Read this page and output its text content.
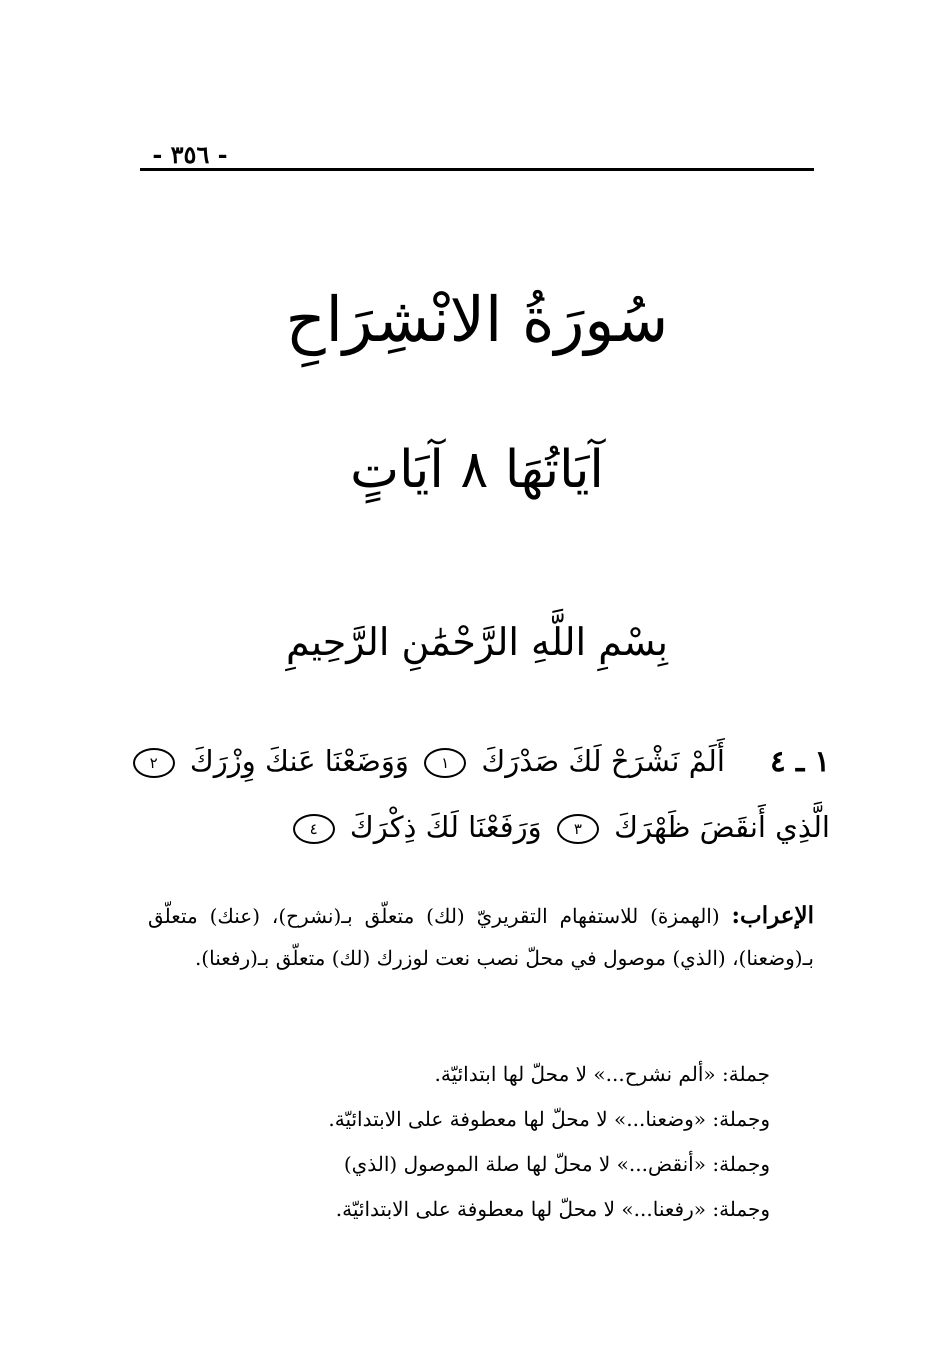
- ٣٥٦ -
سُورَةُ الانْشِرَاحِ
آيَاتُهَا ٨ آيَاتٍ
بِسْمِ اللَّهِ الرَّحْمَٰنِ الرَّحِيمِ
١ ـ ٤ أَلَمْ نَشْرَحْ لَكَ صَدْرَكَ ١ وَوَضَعْنَا عَنكَ وِزْرَكَ ٢
الَّذِي أَنقَضَ ظَهْرَكَ ٣ وَرَفَعْنَا لَكَ ذِكْرَكَ ٤
الإعراب: (الهمزة) للاستفهام التقريريّ (لك) متعلّق بـ(نشرح)، (عنك) متعلّق بـ(وضعنا)، (الذي) موصول في محلّ نصب نعت لوزرك (لك) متعلّق بـ(رفعنا).
جملة: «ألم نشرح...» لا محلّ لها ابتدائيّة.
وجملة: «وضعنا...» لا محلّ لها معطوفة على الابتدائيّة.
وجملة: «أنقض...» لا محلّ لها صلة الموصول (الذي)
وجملة: «رفعنا...» لا محلّ لها معطوفة على الابتدائيّة.
